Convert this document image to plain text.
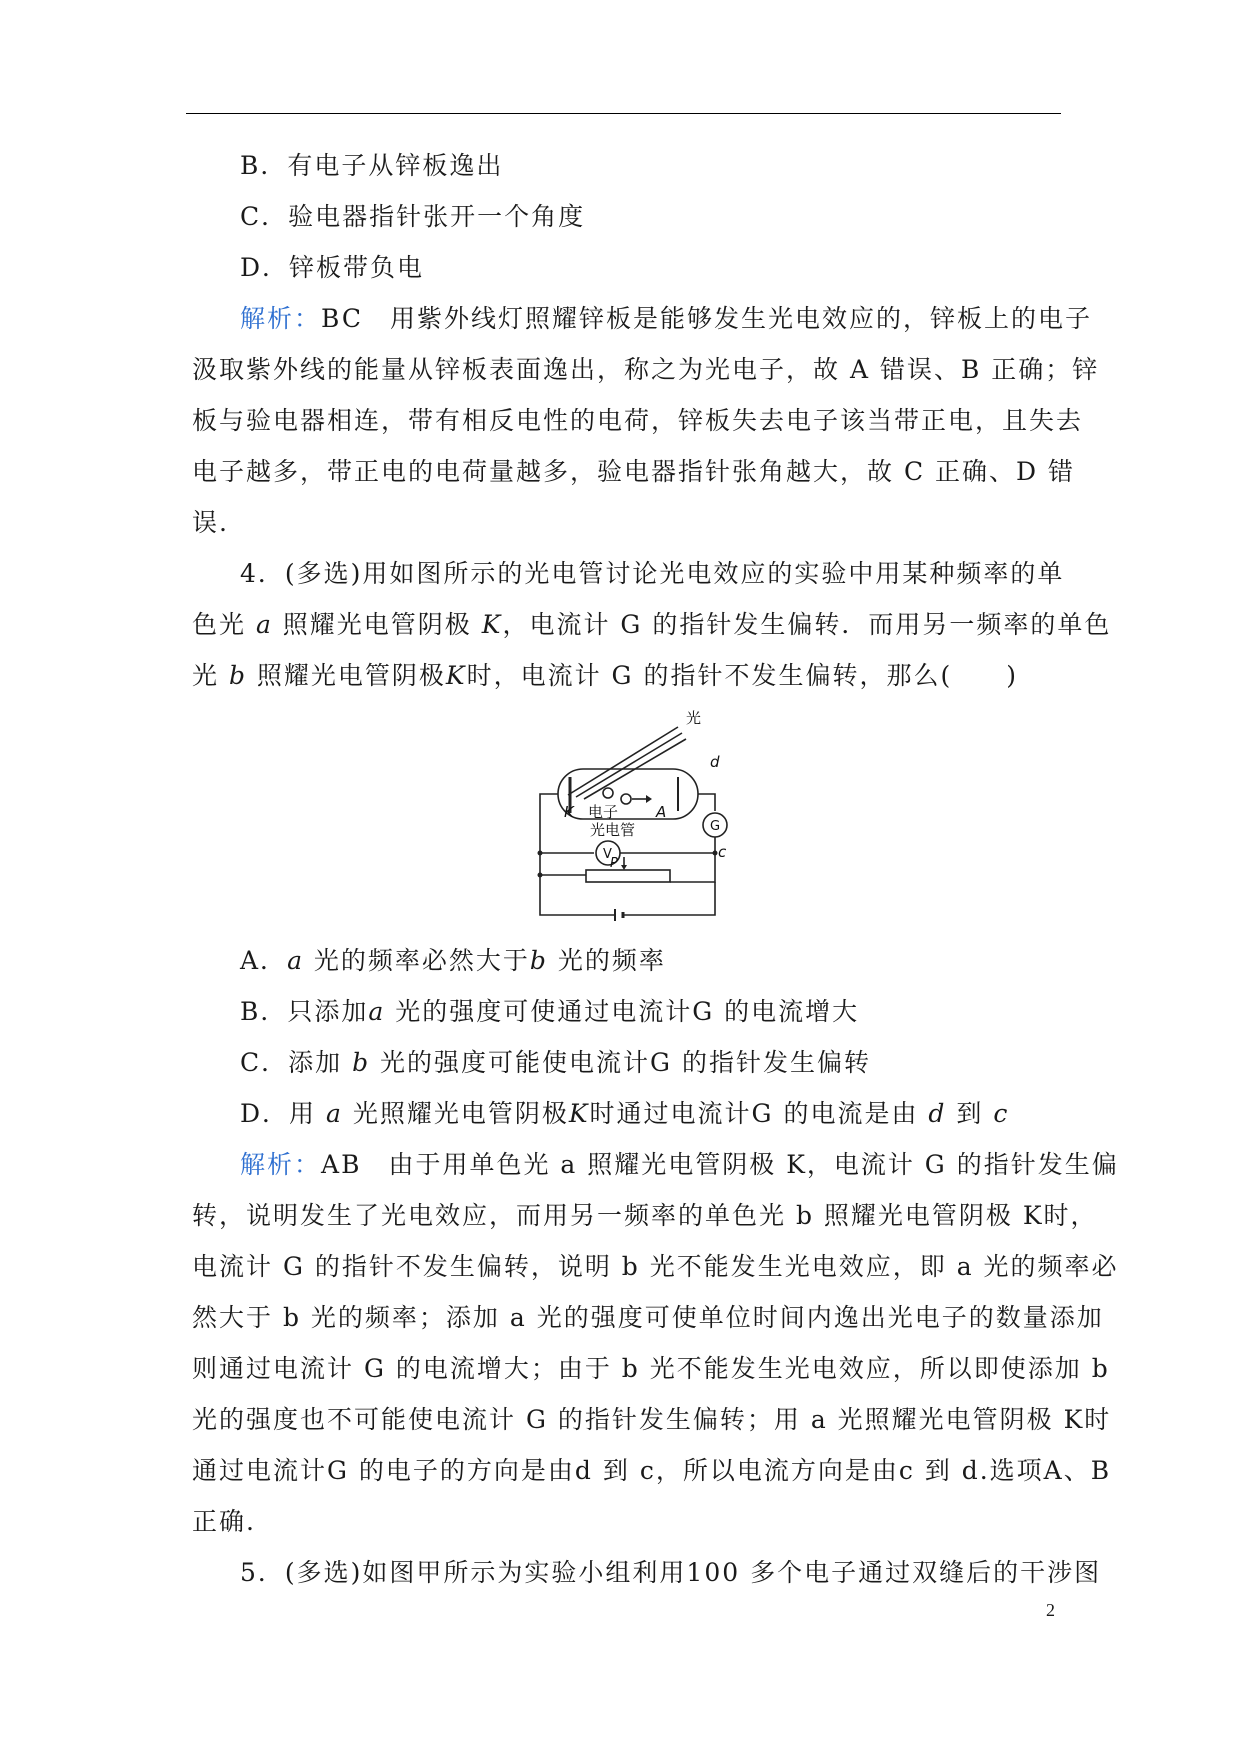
B．有电子从锌板逸出
C．验电器指针张开一个角度
D．锌板带负电
解析：BC　用紫外线灯照耀锌板是能够发生光电效应的，锌板上的电子
汲取紫外线的能量从锌板表面逸出，称之为光电子，故 A 错误、B 正确；锌
板与验电器相连，带有相反电性的电荷，锌板失去电子该当带正电，且失去
电子越多，带正电的电荷量越多，验电器指针张角越大，故 C 正确、D 错
误.
4．(多选)用如图所示的光电管讨论光电效应的实验中用某种频率的单
色光 a 照耀光电管阴极 K，电流计 G 的指针发生偏转．而用另一频率的单色
光 b 照耀光电管阴极K时，电流计 G 的指针不发生偏转，那么(　　)
光
电子
光电管
K	A
d
c
G
V
P
A．a 光的频率必然大于b 光的频率
B．只添加a 光的强度可使通过电流计G 的电流增大
C．添加 b 光的强度可能使电流计G 的指针发生偏转
D．用 a 光照耀光电管阴极K时通过电流计G 的电流是由 d 到 c
解析：AB　由于用单色光 a 照耀光电管阴极 K，电流计 G 的指针发生偏
转，说明发生了光电效应，而用另一频率的单色光 b 照耀光电管阴极 K时，
电流计 G 的指针不发生偏转，说明 b 光不能发生光电效应，即 a 光的频率必
然大于 b 光的频率；添加 a 光的强度可使单位时间内逸出光电子的数量添加
则通过电流计 G 的电流增大；由于 b 光不能发生光电效应，所以即使添加 b
光的强度也不可能使电流计 G 的指针发生偏转；用 a 光照耀光电管阴极 K时
通过电流计G 的电子的方向是由d 到 c，所以电流方向是由c 到 d.选项A、B
正确.
5．(多选)如图甲所示为实验小组利用100 多个电子通过双缝后的干涉图
2
